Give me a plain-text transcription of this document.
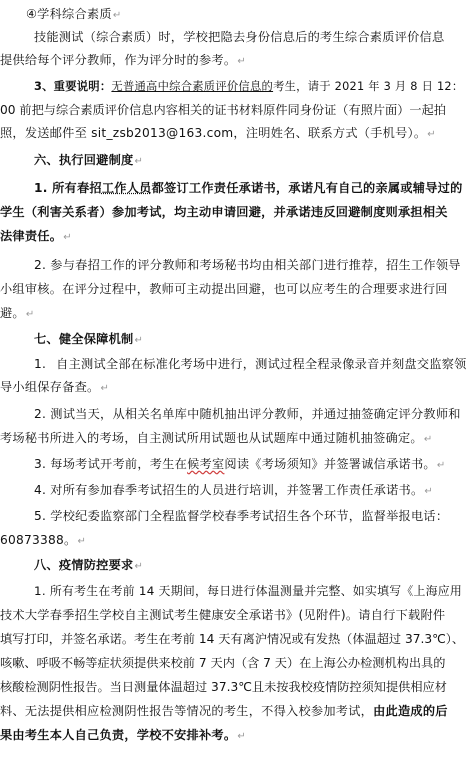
④学科综合素质↵
技能测试（综合素质）时，学校把隐去身份信息后的考生综合素质评价信息
提供给每个评分教师，作为评分时的参考。↵
3、重要说明：无普通高中综合素质评价信息的考生，请于 2021 年 3 月 8 日 12：
00 前把与综合素质评价信息内容相关的证书材料原件同身份证（有照片面）一起拍
照，发送邮件至 sit_zsb2013@163.com，注明姓名、联系方式（手机号）。↵
六、执行回避制度↵
1. 所有春招工作人员都签订工作责任承诺书，承诺凡有自己的亲属或辅导过的
学生（利害关系者）参加考试，均主动申请回避，并承诺违反回避制度则承担相关
法律责任。↵
2. 参与春招工作的评分教师和考场秘书均由相关部门进行推荐，招生工作领导
小组审核。在评分过程中，教师可主动提出回避，也可以应考生的合理要求进行回
避。↵
七、健全保障机制↵
1. 自主测试全部在标准化考场中进行，测试过程全程录像录音并刻盘交监察领
导小组保存备查。↵
2. 测试当天，从相关名单库中随机抽出评分教师，并通过抽签确定评分教师和
考场秘书所进入的考场，自主测试所用试题也从试题库中通过随机抽签确定。↵
3. 每场考试开考前，考生在候考室阅读《考场须知》并签署诚信承诺书。↵
4. 对所有参加春季考试招生的人员进行培训，并签署工作责任承诺书。↵
5. 学校纪委监察部门全程监督学校春季考试招生各个环节，监督举报电话：
60873388。↵
八、疫情防控要求↵
1. 所有考生在考前 14 天期间，每日进行体温测量并完整、如实填写《上海应用
技术大学春季招生学校自主测试考生健康安全承诺书》(见附件)。请自行下载附件
填写打印，并签名承诺。考生在考前 14 天有离沪情况或有发热（体温超过 37.3℃）、
咳嗽、呼吸不畅等症状须提供来校前 7 天内（含 7 天）在上海公办检测机构出具的
核酸检测阴性报告。当日测量体温超过 37.3℃且未按我校疫情防控须知提供相应材
料、无法提供相应检测阴性报告等情况的考生，不得入校参加考试，由此造成的后
果由考生本人自己负责，学校不安排补考。↵
